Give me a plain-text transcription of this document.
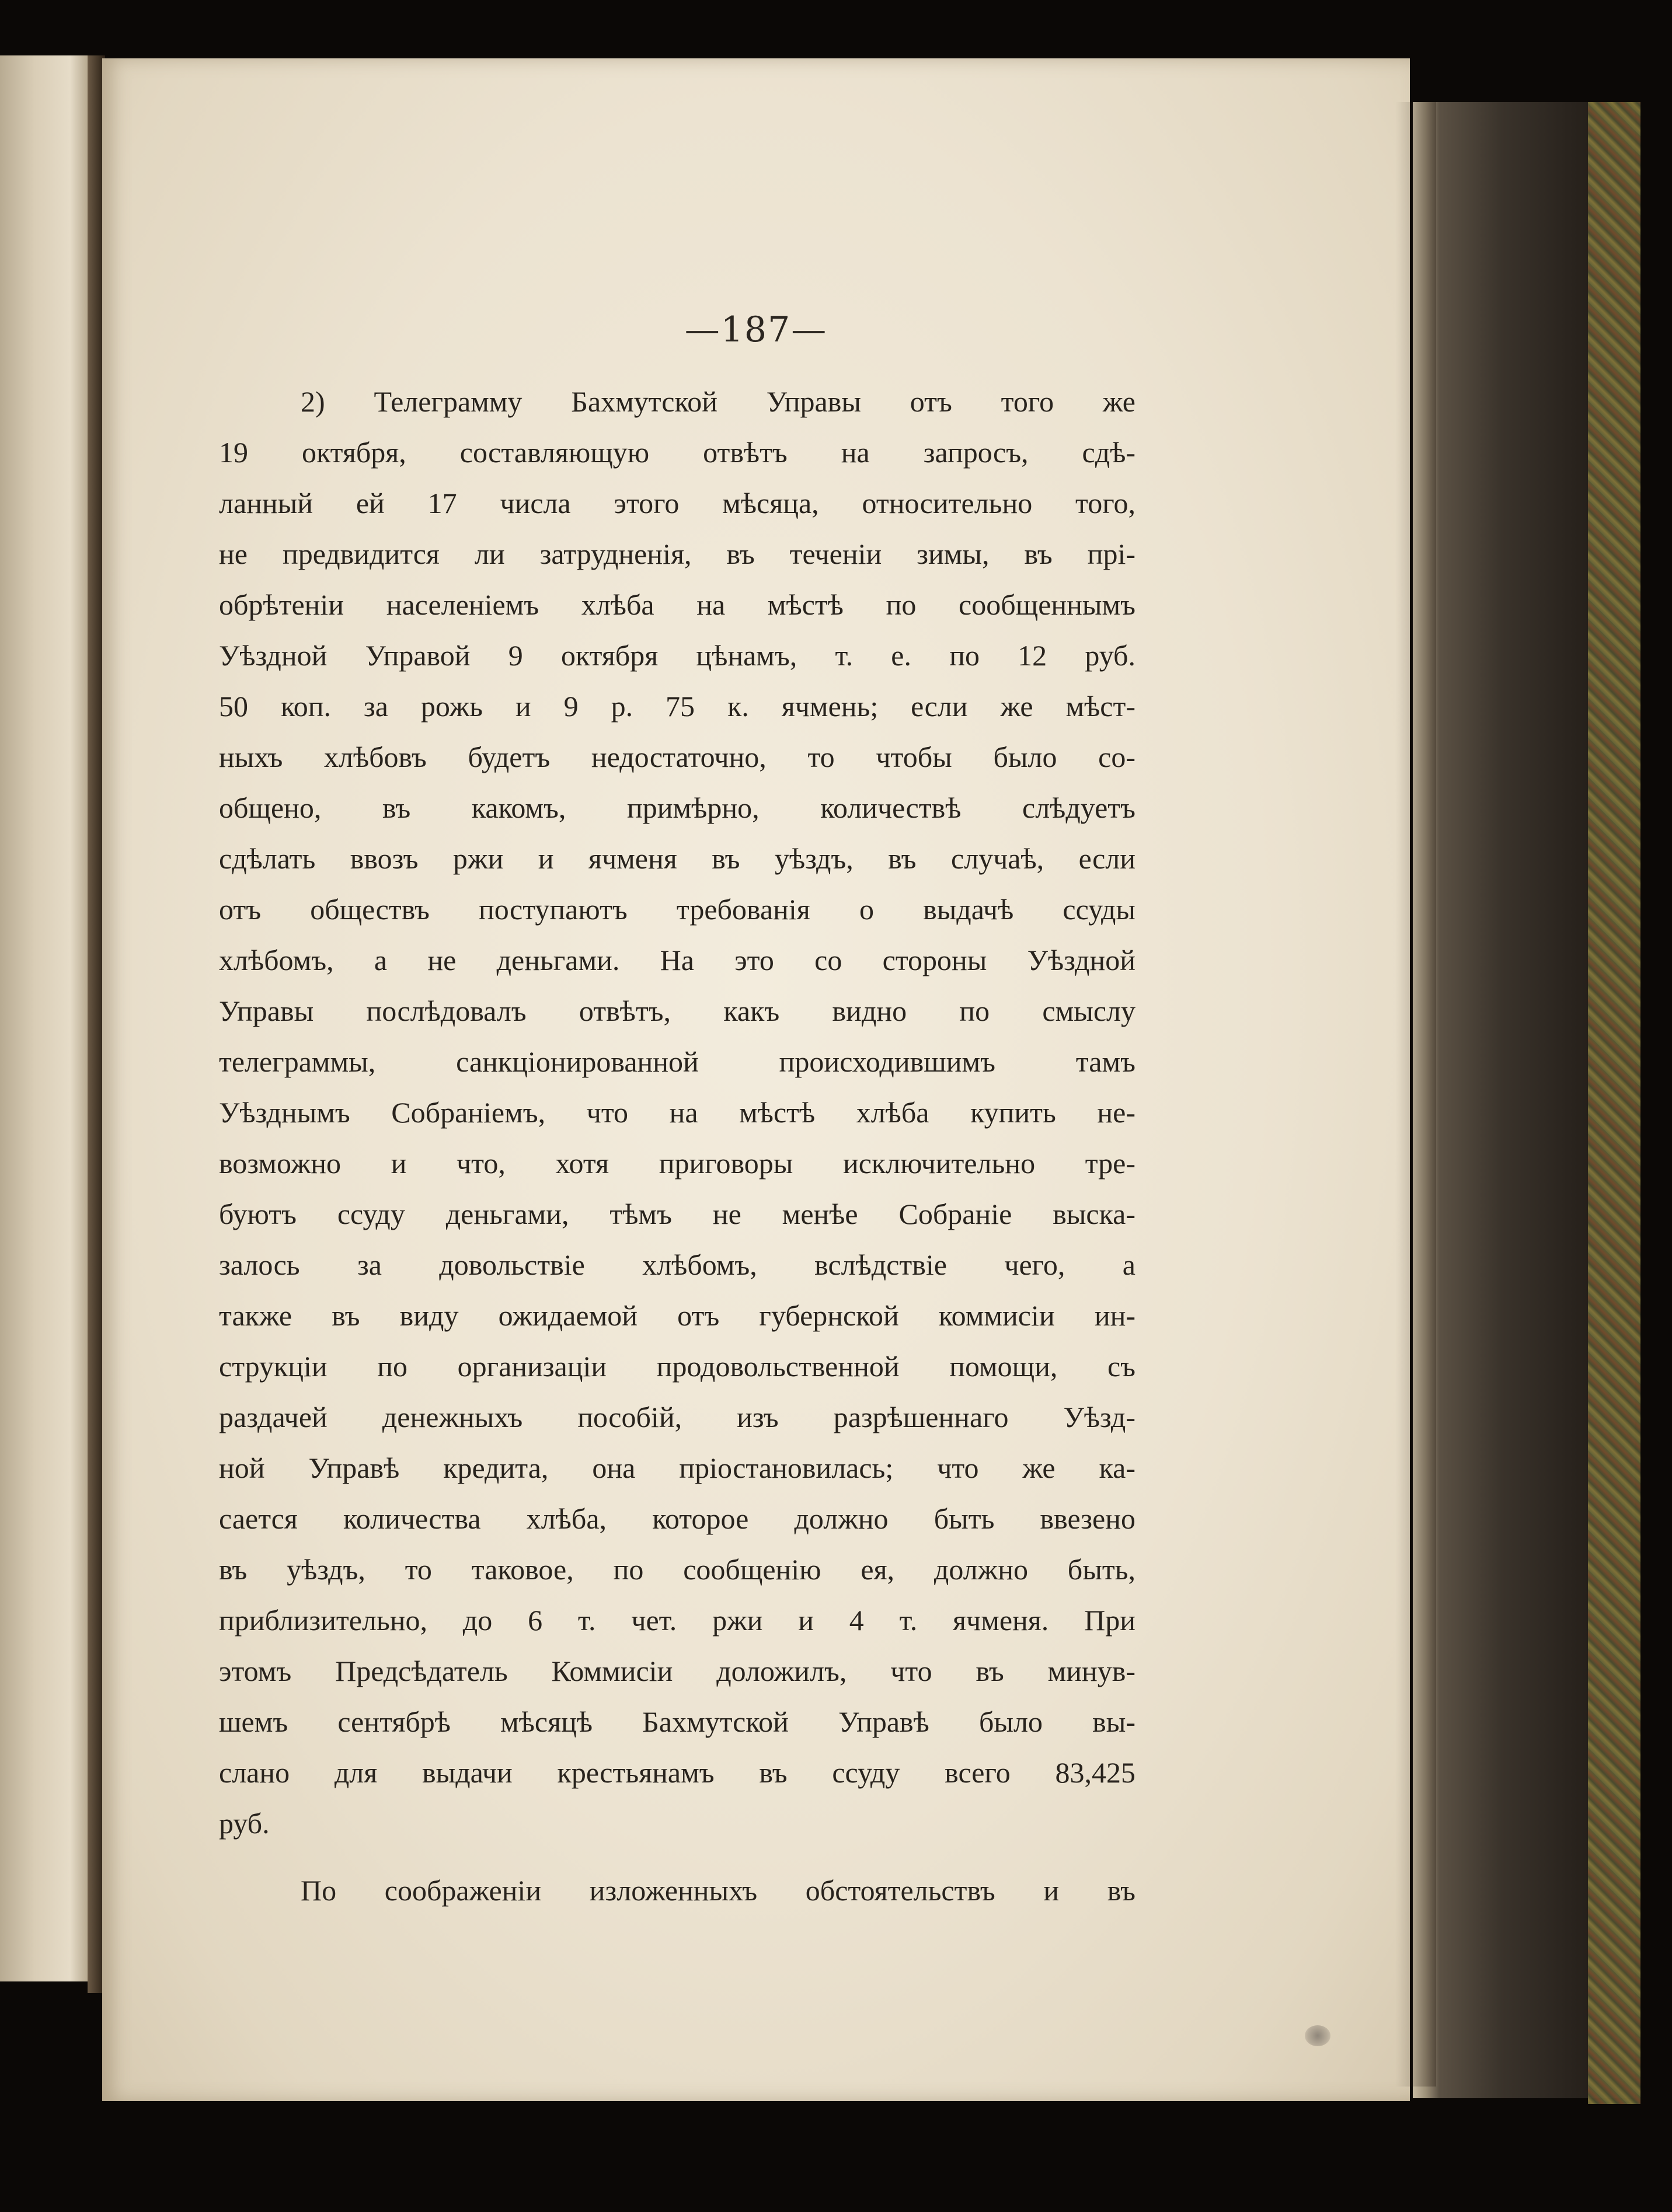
—187—
2) Телеграмму Бахмутской Управы отъ того же
19 октября, составляющую отвѣтъ на запросъ, сдѣ-
ланный ей 17 числа этого мѣсяца, относительно того,
не предвидится ли затрудненія, въ теченіи зимы, въ прі-
обрѣтеніи населеніемъ хлѣба на мѣстѣ по сообщеннымъ
Уѣздной Управой 9 октября цѣнамъ, т. е. по 12 руб.
50 коп. за рожь и 9 р. 75 к. ячмень; если же мѣст-
ныхъ хлѣбовъ будетъ недостаточно, то чтобы было со-
общено, въ какомъ, примѣрно, количествѣ слѣдуетъ
сдѣлать ввозъ ржи и ячменя въ уѣздъ, въ случаѣ, если
отъ обществъ поступаютъ требованія о выдачѣ ссуды
хлѣбомъ, а не деньгами. На это со стороны Уѣздной
Управы послѣдовалъ отвѣтъ, какъ видно по смыслу
телеграммы, санкціонированной происходившимъ тамъ
Уѣзднымъ Собраніемъ, что на мѣстѣ хлѣба купить не-
возможно и что, хотя приговоры исключительно тре-
буютъ ссуду деньгами, тѣмъ не менѣе Собраніе выска-
залось за довольствіе хлѣбомъ, вслѣдствіе чего, а
также въ виду ожидаемой отъ губернской коммисіи ин-
струкціи по организаціи продовольственной помощи, съ
раздачей денежныхъ пособій, изъ разрѣшеннаго Уѣзд-
ной Управѣ кредита, она пріостановилась; что же ка-
сается количества хлѣба, которое должно быть ввезено
въ уѣздъ, то таковое, по сообщенію ея, должно быть,
приблизительно, до 6 т. чет. ржи и 4 т. ячменя. При
этомъ Предсѣдатель Коммисіи доложилъ, что въ минув-
шемъ сентябрѣ мѣсяцѣ Бахмутской Управѣ было вы-
слано для выдачи крестьянамъ въ ссуду всего 83,425
руб.
По соображеніи изложенныхъ обстоятельствъ и въ
